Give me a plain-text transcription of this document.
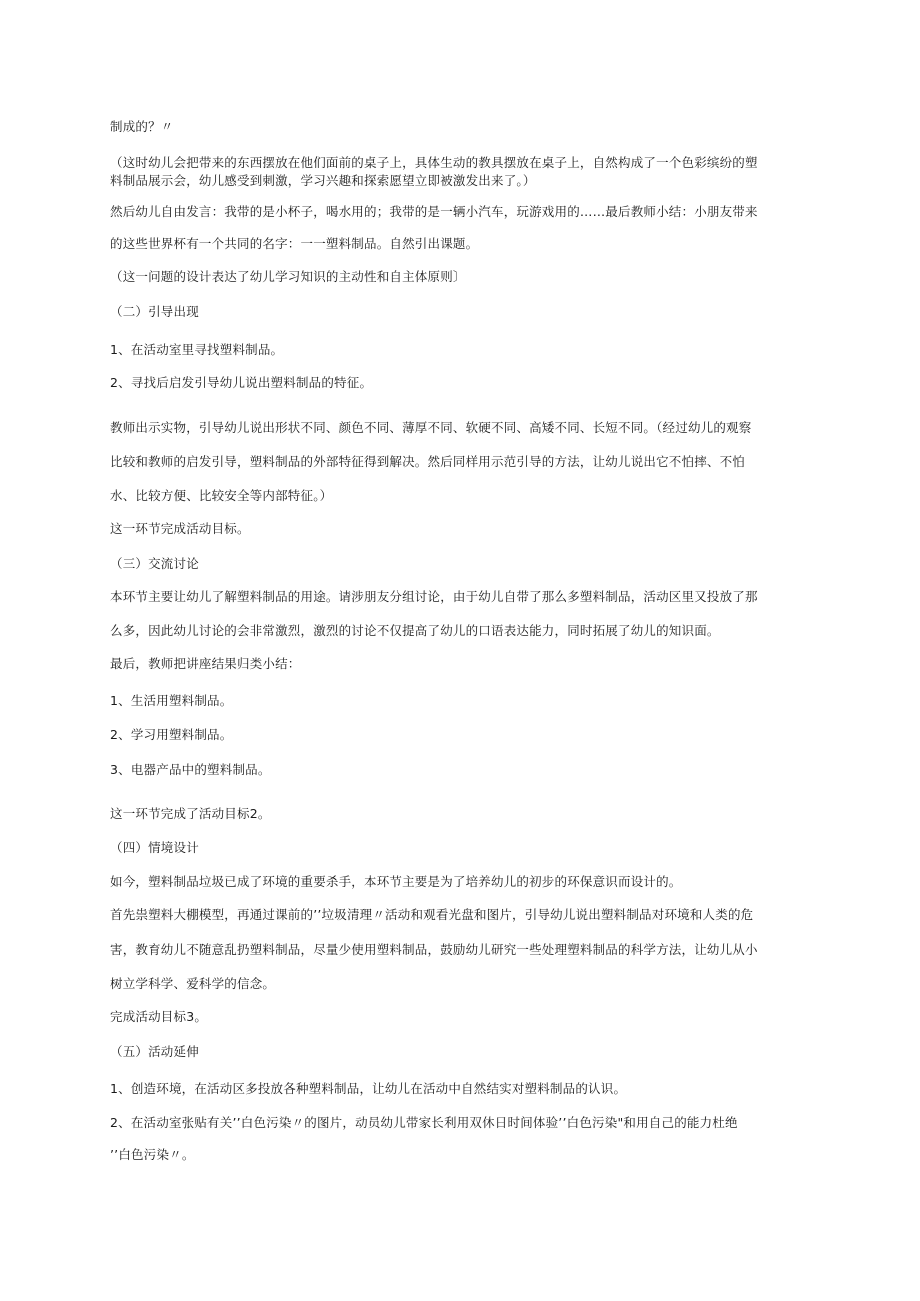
制成的？〃
（这时幼儿会把带来的东西摆放在他们面前的桌子上，具体生动的教具摆放在桌子上，自然构成了一个色彩缤纷的塑
料制品展示会，幼儿感受到刺激，学习兴趣和探索愿望立即被激发出来了。）
然后幼儿自由发言：我带的是小杯子，喝水用的；我带的是一辆小汽车，玩游戏用的……最后教师小结：小朋友带来
的这些世界杯有一个共同的名字：一一塑料制品。自然引出课题。
（这一问题的设计表达了幼儿学习知识的主动性和自主体原则〕
（二）引导出现
1、在活动室里寻找塑料制品。
2、寻找后启发引导幼儿说出塑料制品的特征。
教师出示实物，引导幼儿说出形状不同、颜色不同、薄厚不同、软硬不同、高矮不同、长短不同。（经过幼儿的观察
比较和教师的启发引导，塑料制品的外部特征得到解决。然后同样用示范引导的方法，让幼儿说出它不怕摔、不怕
水、比较方便、比较安全等内部特征。）
这一环节完成活动目标。
（三）交流讨论
本环节主要让幼儿了解塑料制品的用途。请涉朋友分组讨论，由于幼儿自带了那么多塑料制品，活动区里又投放了那
么多，因此幼儿讨论的会非常激烈，激烈的讨论不仅提高了幼儿的口语表达能力，同时拓展了幼儿的知识面。
最后，教师把讲座结果归类小结：
1、生活用塑料制品。
2、学习用塑料制品。
3、电器产品中的塑料制品。
这一环节完成了活动目标2。
（四）情境设计
如今，塑料制品垃圾已成了环境的重要杀手，本环节主要是为了培养幼儿的初步的环保意识而设计的。
首先祟塑料大棚模型，再通过课前的’’垃圾清理〃活动和观看光盘和图片，引导幼儿说出塑料制品对环境和人类的危
害，教育幼儿不随意乱扔塑料制品，尽量少使用塑料制品，鼓励幼儿研究一些处理塑料制品的科学方法，让幼儿从小
树立学科学、爱科学的信念。
完成活动目标3。
（五）活动延伸
1、创造环境，在活动区多投放各种塑料制品，让幼儿在活动中自然结实对塑料制品的认识。
2、在活动室张贴有关’’白色污染〃的图片，动员幼儿带家长利用双休日时间体验’’白色污染"和用自己的能力杜绝
’’白色污染〃。
